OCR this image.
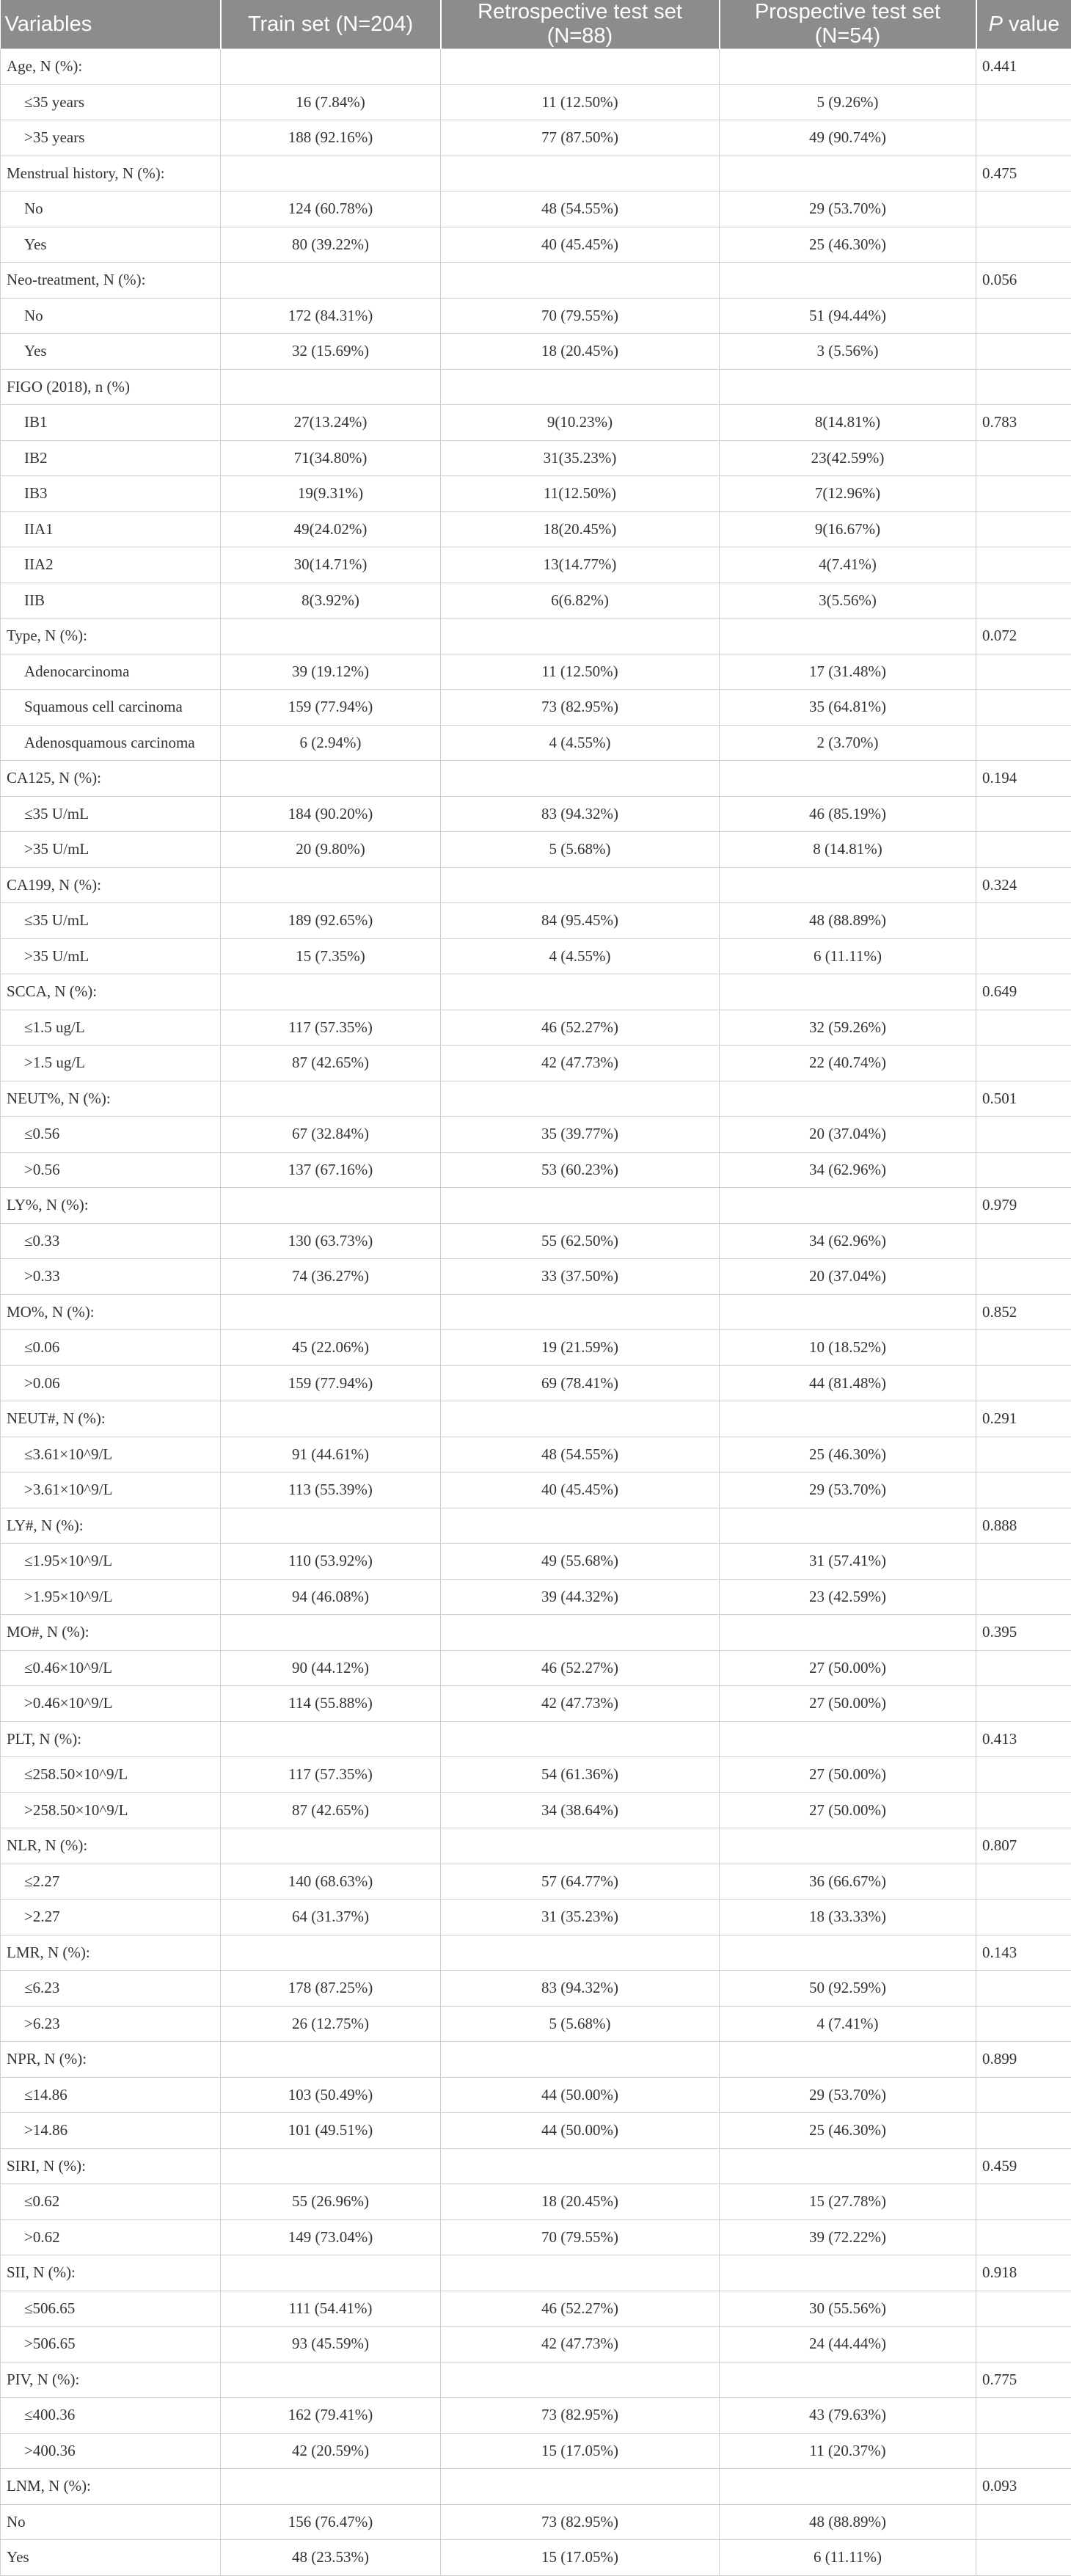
Variables	Train set (N=204)	Retrospective test set (N=88)	Prospective test set (N=54)	P value
Age, N (%):				0.441
≤35 years	16 (7.84%)	11 (12.50%)	5 (9.26%)	
>35 years	188 (92.16%)	77 (87.50%)	49 (90.74%)	
Menstrual history, N (%):				0.475
No	124 (60.78%)	48 (54.55%)	29 (53.70%)	
Yes	80 (39.22%)	40 (45.45%)	25 (46.30%)	
Neo-treatment, N (%):				0.056
No	172 (84.31%)	70 (79.55%)	51 (94.44%)	
Yes	32 (15.69%)	18 (20.45%)	3 (5.56%)	
FIGO (2018), n (%)				
IB1	27(13.24%)	9(10.23%)	8(14.81%)	0.783
IB2	71(34.80%)	31(35.23%)	23(42.59%)	
IB3	19(9.31%)	11(12.50%)	7(12.96%)	
IIA1	49(24.02%)	18(20.45%)	9(16.67%)	
IIA2	30(14.71%)	13(14.77%)	4(7.41%)	
IIB	8(3.92%)	6(6.82%)	3(5.56%)	
Type, N (%):				0.072
Adenocarcinoma	39 (19.12%)	11 (12.50%)	17 (31.48%)	
Squamous cell carcinoma	159 (77.94%)	73 (82.95%)	35 (64.81%)	
Adenosquamous carcinoma	6 (2.94%)	4 (4.55%)	2 (3.70%)	
CA125, N (%):				0.194
≤35 U/mL	184 (90.20%)	83 (94.32%)	46 (85.19%)	
>35 U/mL	20 (9.80%)	5 (5.68%)	8 (14.81%)	
CA199, N (%):				0.324
≤35 U/mL	189 (92.65%)	84 (95.45%)	48 (88.89%)	
>35 U/mL	15 (7.35%)	4 (4.55%)	6 (11.11%)	
SCCA, N (%):				0.649
≤1.5 ug/L	117 (57.35%)	46 (52.27%)	32 (59.26%)	
>1.5 ug/L	87 (42.65%)	42 (47.73%)	22 (40.74%)	
NEUT%, N (%):				0.501
≤0.56	67 (32.84%)	35 (39.77%)	20 (37.04%)	
>0.56	137 (67.16%)	53 (60.23%)	34 (62.96%)	
LY%, N (%):				0.979
≤0.33	130 (63.73%)	55 (62.50%)	34 (62.96%)	
>0.33	74 (36.27%)	33 (37.50%)	20 (37.04%)	
MO%, N (%):				0.852
≤0.06	45 (22.06%)	19 (21.59%)	10 (18.52%)	
>0.06	159 (77.94%)	69 (78.41%)	44 (81.48%)	
NEUT#, N (%):				0.291
≤3.61×10^9/L	91 (44.61%)	48 (54.55%)	25 (46.30%)	
>3.61×10^9/L	113 (55.39%)	40 (45.45%)	29 (53.70%)	
LY#, N (%):				0.888
≤1.95×10^9/L	110 (53.92%)	49 (55.68%)	31 (57.41%)	
>1.95×10^9/L	94 (46.08%)	39 (44.32%)	23 (42.59%)	
MO#, N (%):				0.395
≤0.46×10^9/L	90 (44.12%)	46 (52.27%)	27 (50.00%)	
>0.46×10^9/L	114 (55.88%)	42 (47.73%)	27 (50.00%)	
PLT, N (%):				0.413
≤258.50×10^9/L	117 (57.35%)	54 (61.36%)	27 (50.00%)	
>258.50×10^9/L	87 (42.65%)	34 (38.64%)	27 (50.00%)	
NLR, N (%):				0.807
≤2.27	140 (68.63%)	57 (64.77%)	36 (66.67%)	
>2.27	64 (31.37%)	31 (35.23%)	18 (33.33%)	
LMR, N (%):				0.143
≤6.23	178 (87.25%)	83 (94.32%)	50 (92.59%)	
>6.23	26 (12.75%)	5 (5.68%)	4 (7.41%)	
NPR, N (%):				0.899
≤14.86	103 (50.49%)	44 (50.00%)	29 (53.70%)	
>14.86	101 (49.51%)	44 (50.00%)	25 (46.30%)	
SIRI, N (%):				0.459
≤0.62	55 (26.96%)	18 (20.45%)	15 (27.78%)	
>0.62	149 (73.04%)	70 (79.55%)	39 (72.22%)	
SII, N (%):				0.918
≤506.65	111 (54.41%)	46 (52.27%)	30 (55.56%)	
>506.65	93 (45.59%)	42 (47.73%)	24 (44.44%)	
PIV, N (%):				0.775
≤400.36	162 (79.41%)	73 (82.95%)	43 (79.63%)	
>400.36	42 (20.59%)	15 (17.05%)	11 (20.37%)	
LNM, N (%):				0.093
No	156 (76.47%)	73 (82.95%)	48 (88.89%)	
Yes	48 (23.53%)	15 (17.05%)	6 (11.11%)	
